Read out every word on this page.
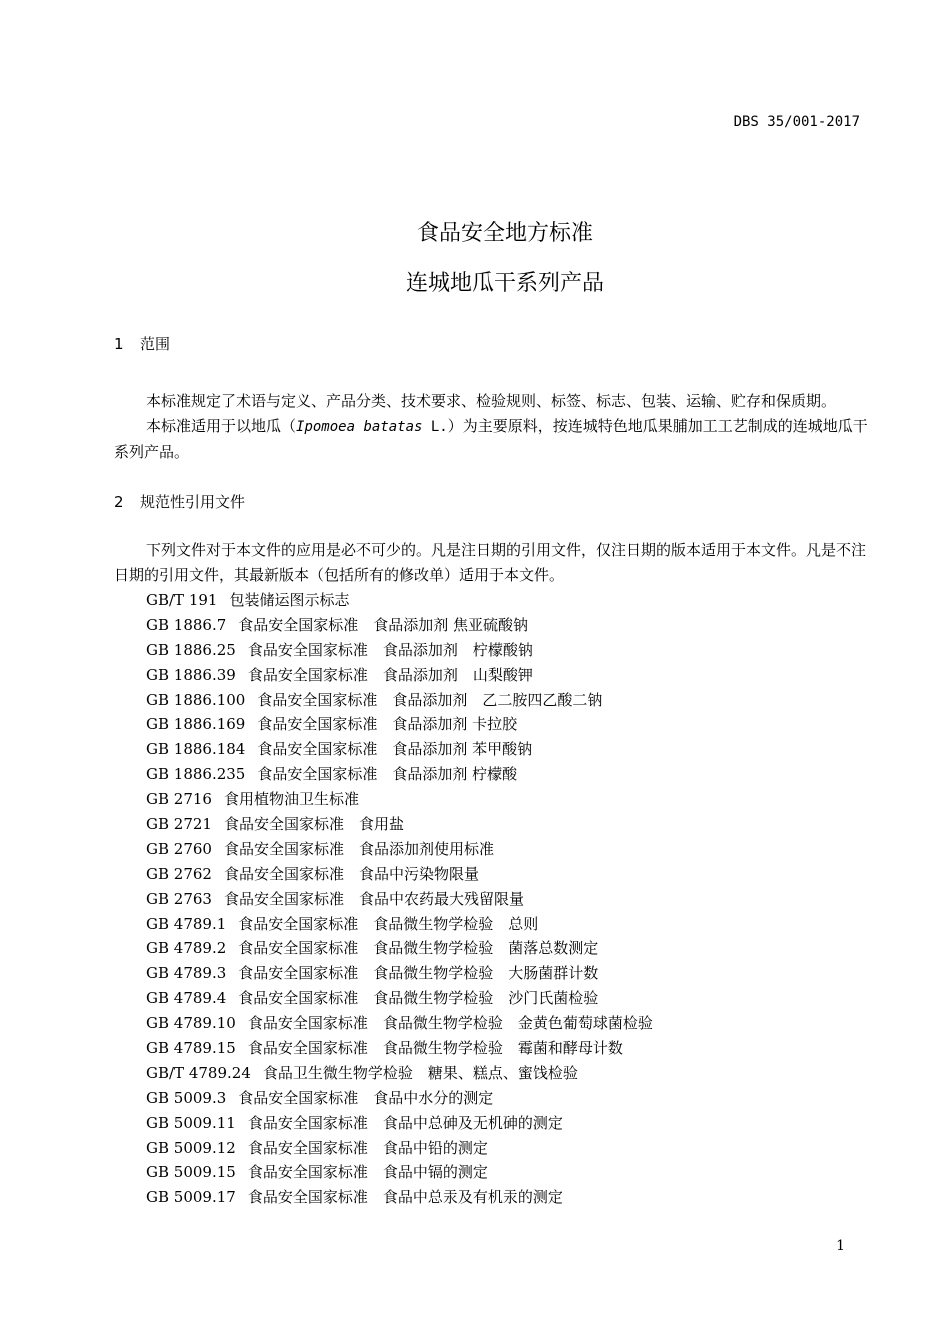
DBS 35/001-2017
食品安全地方标准
连城地瓜干系列产品
1 范围
本标准规定了术语与定义、产品分类、技术要求、检验规则、标签、标志、包装、运输、贮存和保质期。
本标准适用于以地瓜（Ipomoea batatas L.）为主要原料，按连城特色地瓜果脯加工工艺制成的连城地瓜干系列产品。
2 规范性引用文件
下列文件对于本文件的应用是必不可少的。凡是注日期的引用文件，仅注日期的版本适用于本文件。凡是不注日期的引用文件，其最新版本（包括所有的修改单）适用于本文件。
GB/T 191 包装储运图示标志
GB 1886.7 食品安全国家标准　食品添加剂 焦亚硫酸钠
GB 1886.25 食品安全国家标准　食品添加剂　柠檬酸钠
GB 1886.39 食品安全国家标准　食品添加剂　山梨酸钾
GB 1886.100 食品安全国家标准　食品添加剂　乙二胺四乙酸二钠
GB 1886.169 食品安全国家标准　食品添加剂 卡拉胶
GB 1886.184 食品安全国家标准　食品添加剂 苯甲酸钠
GB 1886.235 食品安全国家标准　食品添加剂 柠檬酸
GB 2716 食用植物油卫生标准
GB 2721 食品安全国家标准　食用盐
GB 2760 食品安全国家标准　食品添加剂使用标准
GB 2762 食品安全国家标准　食品中污染物限量
GB 2763 食品安全国家标准　食品中农药最大残留限量
GB 4789.1 食品安全国家标准　食品微生物学检验　总则
GB 4789.2 食品安全国家标准　食品微生物学检验　菌落总数测定
GB 4789.3 食品安全国家标准　食品微生物学检验　大肠菌群计数
GB 4789.4 食品安全国家标准　食品微生物学检验　沙门氏菌检验
GB 4789.10 食品安全国家标准　食品微生物学检验　金黄色葡萄球菌检验
GB 4789.15 食品安全国家标准　食品微生物学检验　霉菌和酵母计数
GB/T 4789.24 食品卫生微生物学检验　糖果、糕点、蜜饯检验
GB 5009.3 食品安全国家标准　食品中水分的测定
GB 5009.11 食品安全国家标准　食品中总砷及无机砷的测定
GB 5009.12 食品安全国家标准　食品中铅的测定
GB 5009.15 食品安全国家标准　食品中镉的测定
GB 5009.17 食品安全国家标准　食品中总汞及有机汞的测定
1
